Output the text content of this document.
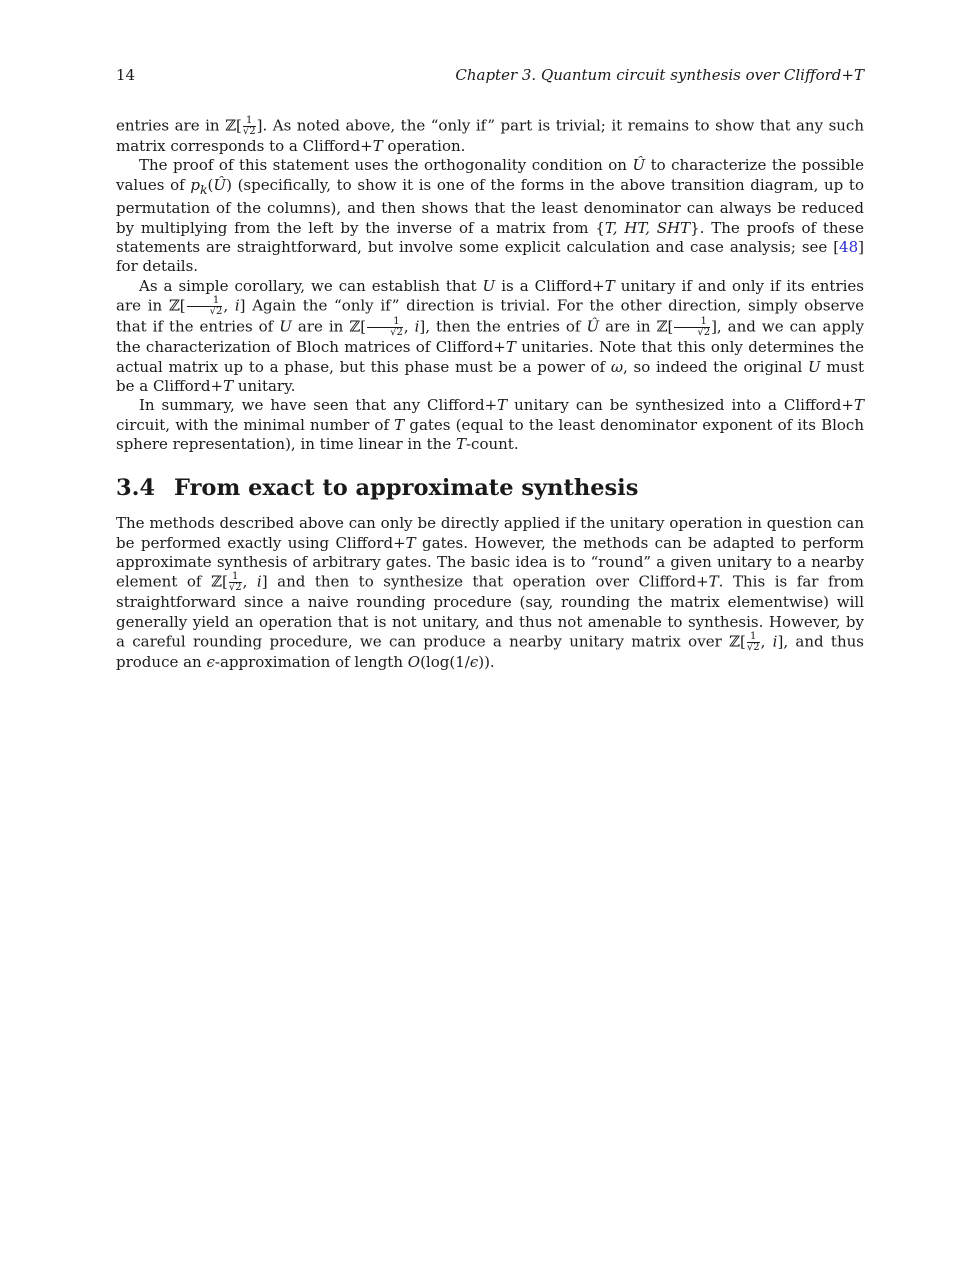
14	Chapter 3. Quantum circuit synthesis over Clifford+T

entries are in ℤ[ $\frac{1}{√2}$ ]. As noted above, the “only if” part is trivial; it remains to show that any such matrix corresponds to a Clifford+T operation.

The proof of this statement uses the orthogonality condition on Û to characterize the possible values of $p_k(Û)$ (specifically, to show it is one of the forms in the above transition diagram, up to permutation of the columns), and then shows that the least denominator can always be reduced by multiplying from the left by the inverse of a matrix from {T, HT, SHT}. The proofs of these statements are straightforward, but involve some explicit calculation and case analysis; see [48] for details.

As a simple corollary, we can establish that U is a Clifford+T unitary if and only if its entries are in ℤ[ $\frac{1}{√2}$ , i] Again the “only if” direction is trivial. For the other direction, simply observe that if the entries of U are in ℤ[ $\frac{1}{√2}$ , i], then the entries of Û are in ℤ[ $\frac{1}{√2}$ ], and we can apply the characterization of Bloch matrices of Clifford+T unitaries. Note that this only determines the actual matrix up to a phase, but this phase must be a power of ω, so indeed the original U must be a Clifford+T unitary.

In summary, we have seen that any Clifford+T unitary can be synthesized into a Clifford+T circuit, with the minimal number of T gates (equal to the least denominator exponent of its Bloch sphere representation), in time linear in the T-count.

3.4 From exact to approximate synthesis

The methods described above can only be directly applied if the unitary operation in question can be performed exactly using Clifford+T gates. However, the methods can be adapted to perform approximate synthesis of arbitrary gates. The basic idea is to “round” a given unitary to a nearby element of ℤ[ $\frac{1}{√2}$ , i] and then to synthesize that operation over Clifford+T. This is far from straightforward since a naive rounding procedure (say, rounding the matrix elementwise) will generally yield an operation that is not unitary, and thus not amenable to synthesis. However, by a careful rounding procedure, we can produce a nearby unitary matrix over ℤ[ $\frac{1}{√2}$ , i], and thus produce an ϵ-approximation of length O(log(1/ϵ)).
